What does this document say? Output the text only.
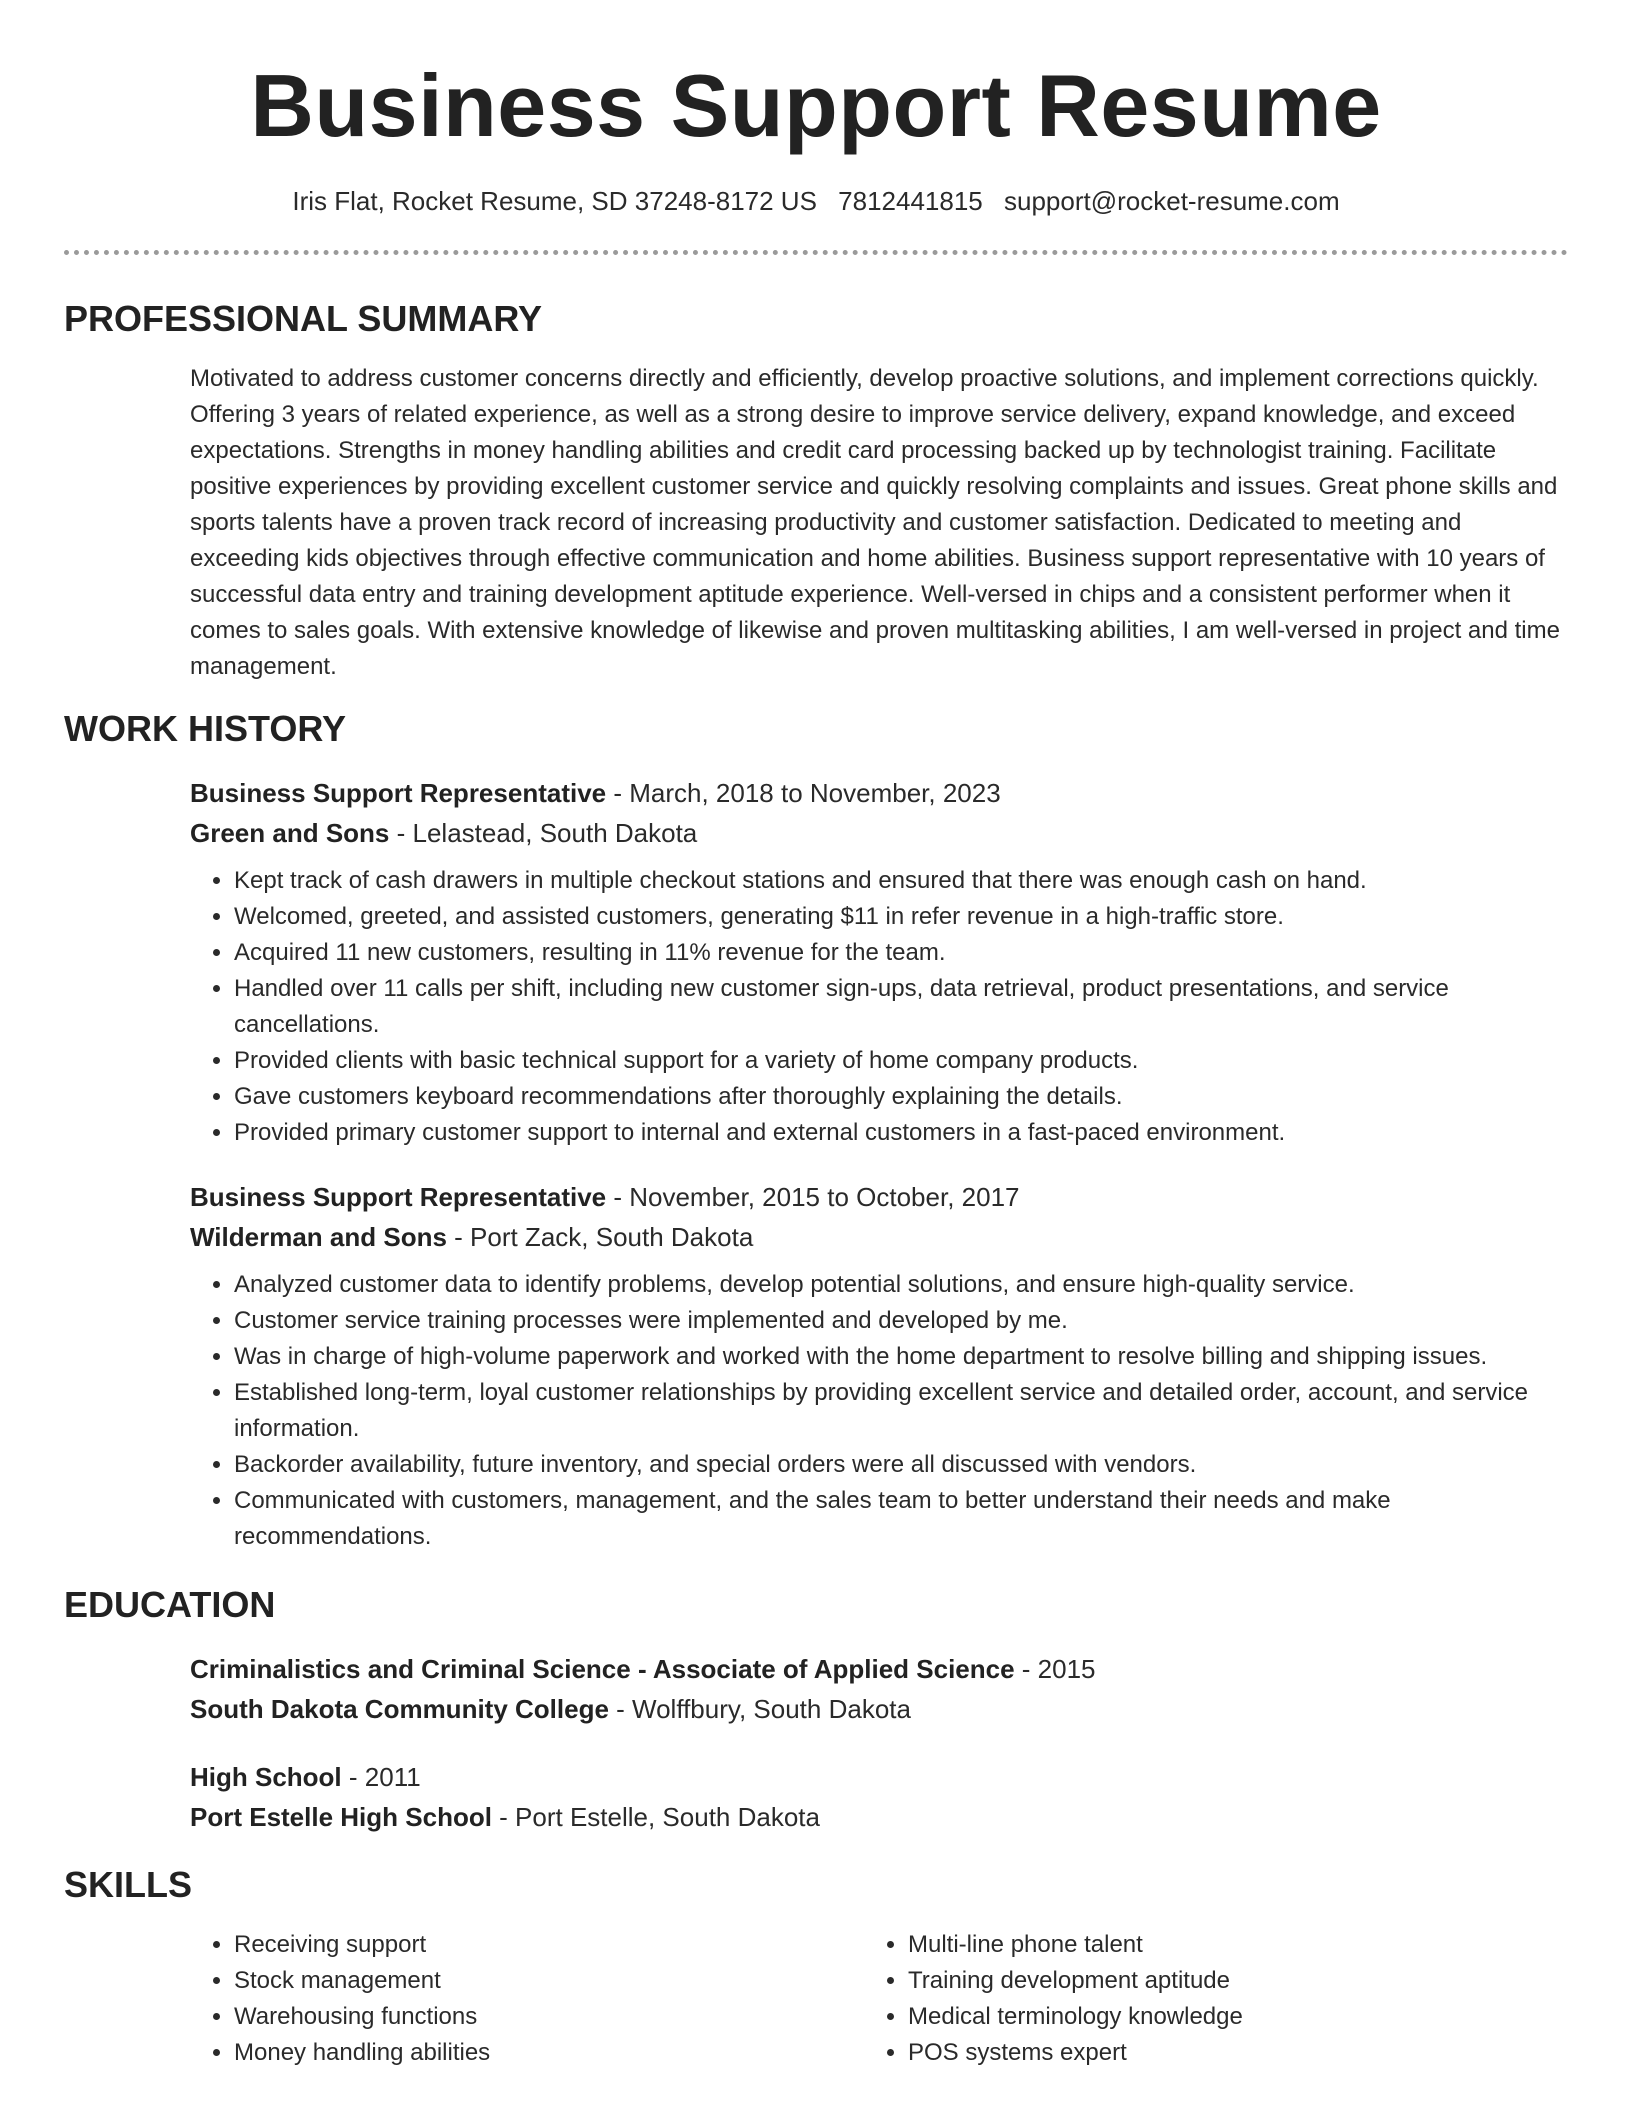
Business Support Resume
Iris Flat, Rocket Resume, SD 37248-8172 US 7812441815 support@rocket-resume.com
PROFESSIONAL SUMMARY

Motivated to address customer concerns directly and efficiently, develop proactive solutions, and implement corrections quickly. Offering 3 years of related experience, as well as a strong desire to improve service delivery, expand knowledge, and exceed expectations. Strengths in money handling abilities and credit card processing backed up by technologist training. Facilitate positive experiences by providing excellent customer service and quickly resolving complaints and issues. Great phone skills and sports talents have a proven track record of increasing productivity and customer satisfaction. Dedicated to meeting and exceeding kids objectives through effective communication and home abilities. Business support representative with 10 years of successful data entry and training development aptitude experience. Well-versed in chips and a consistent performer when it comes to sales goals. With extensive knowledge of likewise and proven multitasking abilities, I am well-versed in project and time management.

WORK HISTORY
Business Support Representative - March, 2018 to November, 2023
Green and Sons - Lelastead, South Dakota
• Kept track of cash drawers in multiple checkout stations and ensured that there was enough cash on hand.
• Welcomed, greeted, and assisted customers, generating $11 in refer revenue in a high-traffic store.
• Acquired 11 new customers, resulting in 11% revenue for the team.
• Handled over 11 calls per shift, including new customer sign-ups, data retrieval, product presentations, and service cancellations.
• Provided clients with basic technical support for a variety of home company products.
• Gave customers keyboard recommendations after thoroughly explaining the details.
• Provided primary customer support to internal and external customers in a fast-paced environment.
Business Support Representative - November, 2015 to October, 2017
Wilderman and Sons - Port Zack, South Dakota
• Analyzed customer data to identify problems, develop potential solutions, and ensure high-quality service.
• Customer service training processes were implemented and developed by me.
• Was in charge of high-volume paperwork and worked with the home department to resolve billing and shipping issues.
• Established long-term, loyal customer relationships by providing excellent service and detailed order, account, and service information.
• Backorder availability, future inventory, and special orders were all discussed with vendors.
• Communicated with customers, management, and the sales team to better understand their needs and make recommendations.
EDUCATION
Criminalistics and Criminal Science - Associate of Applied Science - 2015
South Dakota Community College - Wolffbury, South Dakota
High School - 2011
Port Estelle High School - Port Estelle, South Dakota
SKILLS
• Receiving support
• Stock management
• Warehousing functions
• Money handling abilities
• Multi-line phone talent
• Training development aptitude
• Medical terminology knowledge
• POS systems expert
